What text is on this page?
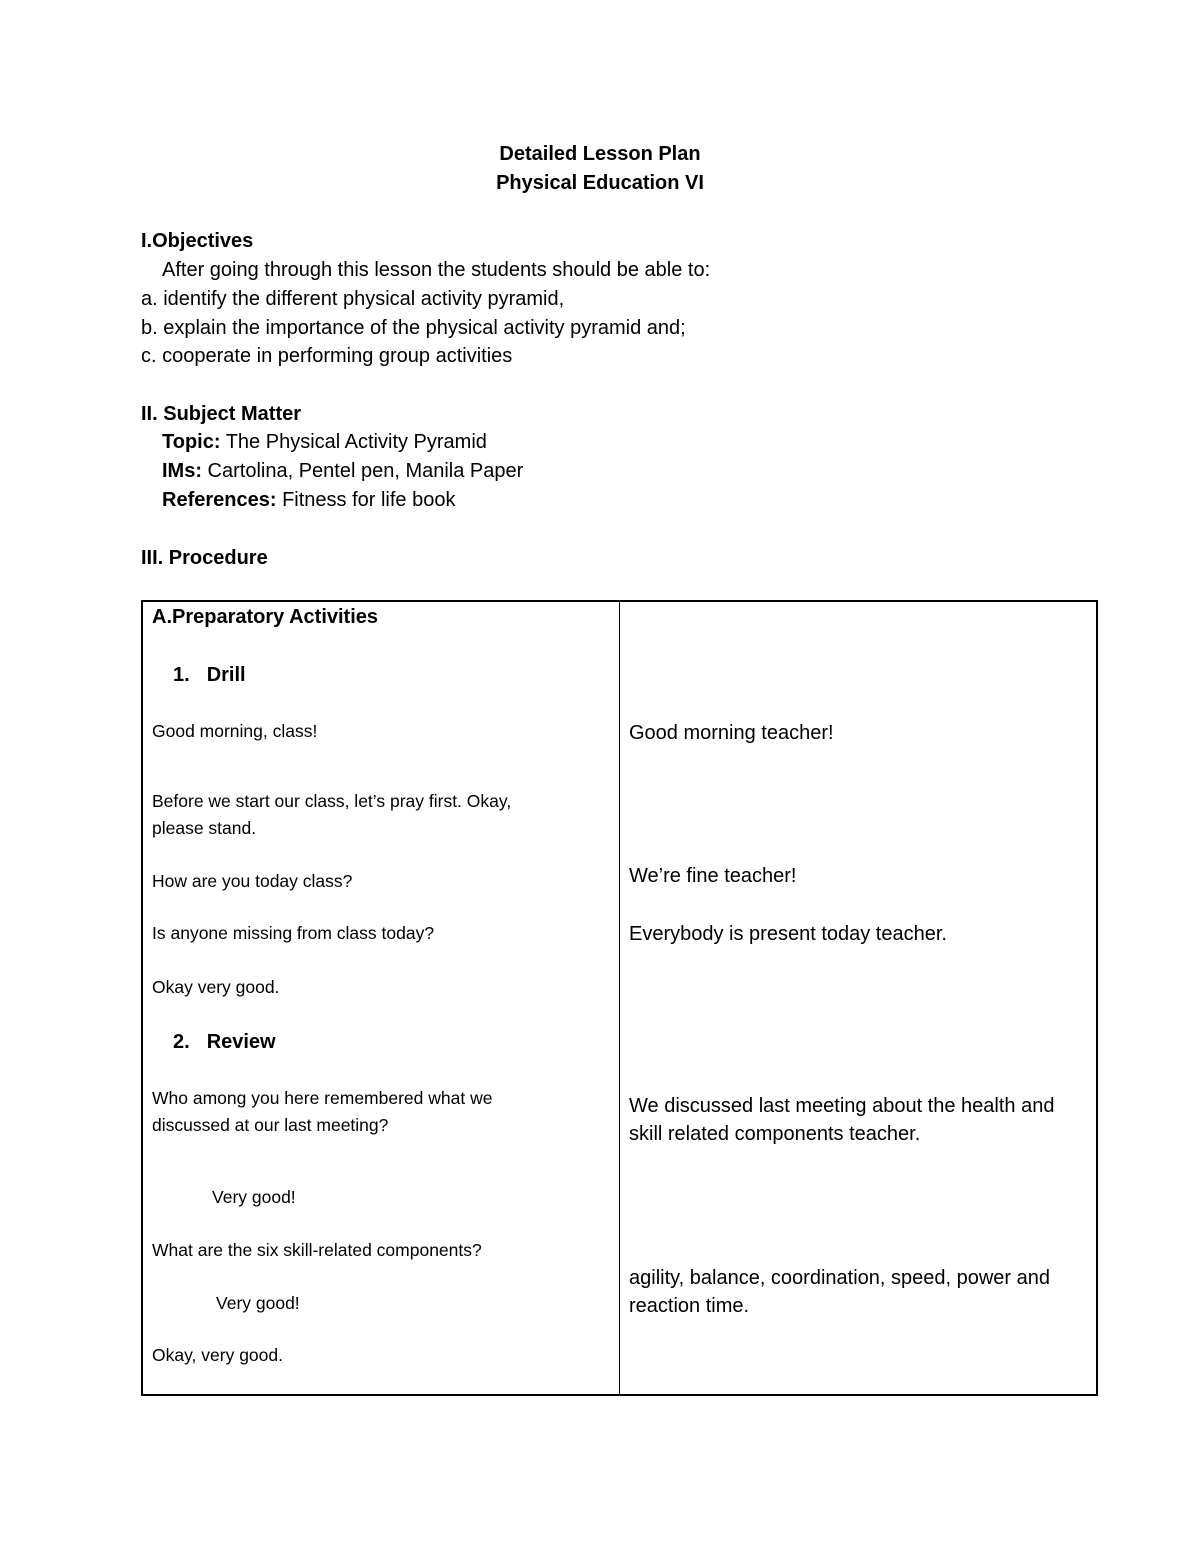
Detailed Lesson Plan
Physical Education VI
I.Objectives
After going through this lesson the students should be able to:
a. identify the different physical activity pyramid,
b. explain the importance of the physical activity pyramid and;
c. cooperate in performing group activities
II. Subject Matter
Topic: The Physical Activity Pyramid
IMs: Cartolina, Pentel pen, Manila Paper
References: Fitness for life book
III. Procedure
A.Preparatory Activities
1. Drill
Good morning, class!
Before we start our class, let’s pray first. Okay,
please stand.
How are you today class?
Is anyone missing from class today?
Okay very good.
2. Review
Who among you here remembered what we
discussed at our last meeting?
Very good!
What are the six skill-related components?
Very good!
Okay, very good.
Good morning teacher!
We’re fine teacher!
Everybody is present today teacher.
We discussed last meeting about the health and
skill related components teacher.
agility, balance, coordination, speed, power and
reaction time.
